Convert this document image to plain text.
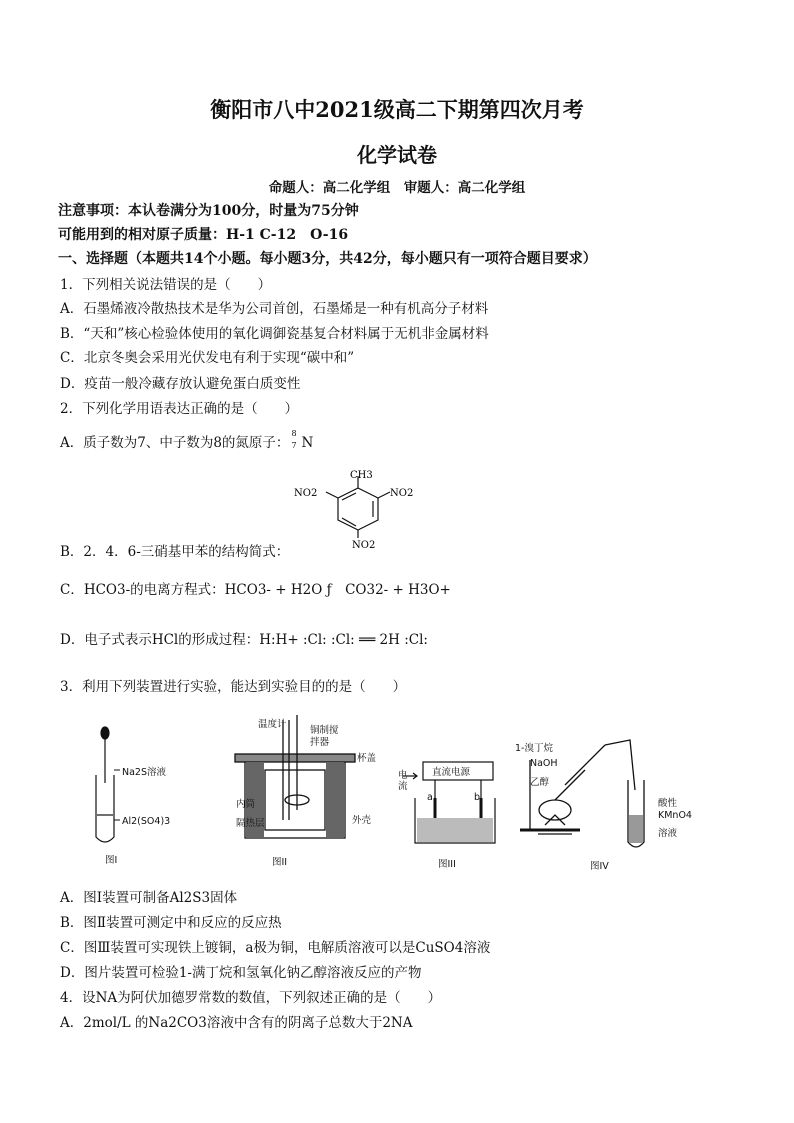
衡阳市八中2021级高二下期第四次月考
化学试卷
命题人：高二化学组　审题人：高二化学组
注意事项：本认卷满分为100分，时量为75分钟
可能用到的相对原子质量：H-1 C-12　O-16
一、选择题（本题共14个小题。每小题3分，共42分，每小题只有一项符合题目要求）
1．下列相关说法错误的是（　　）
A．石墨烯液冷散热技术是华为公司首创，石墨烯是一种有机高分子材料
B．“天和”核心检验体使用的氧化调御瓷基复合材料属于无机非金属材料
C．北京冬奥会采用光伏发电有利于实现“碳中和”
D．疫苗一般冷藏存放认避免蛋白质变性
2．下列化学用语表达正确的是（　　）
A．质子数为7、中子数为8的氮原子：
8
7 N
CH3
NO2	NO2
NO2
B．2．4．6-三硝基甲苯的结构简式：
C．HCO3-的电离方程式：HCO3- + H2O ƒ　CO32- + H3O+
D．电子式表示HCl的形成过程：H:H+ :Cl: :Cl: ══ 2H :Cl:
3．利用下列装置进行实验，能达到实验目的的是（　　）
Na2S溶液
Al2(SO4)3
图I
温度计
铜制搅拌器
杯盖
内筒
隔热层	外壳
图II
直流电源
电流
a	b
图III
1-溴丁烷
NaOH
乙醇
酸性
KMnO4
溶液
图IV
A．图Ⅰ装置可制备Al2S3固体
B．图Ⅱ装置可测定中和反应的反应热
C．图Ⅲ装置可实现铁上镀铜，a极为铜，电解质溶液可以是CuSO4溶液
D．图片装置可检验1-满丁烷和氢氧化钠乙醇溶液反应的产物
4．设NA为阿伏加德罗常数的数值，下列叙述正确的是（　　）
A．2mol/L 的Na2CO3溶液中含有的阴离子总数大于2NA
